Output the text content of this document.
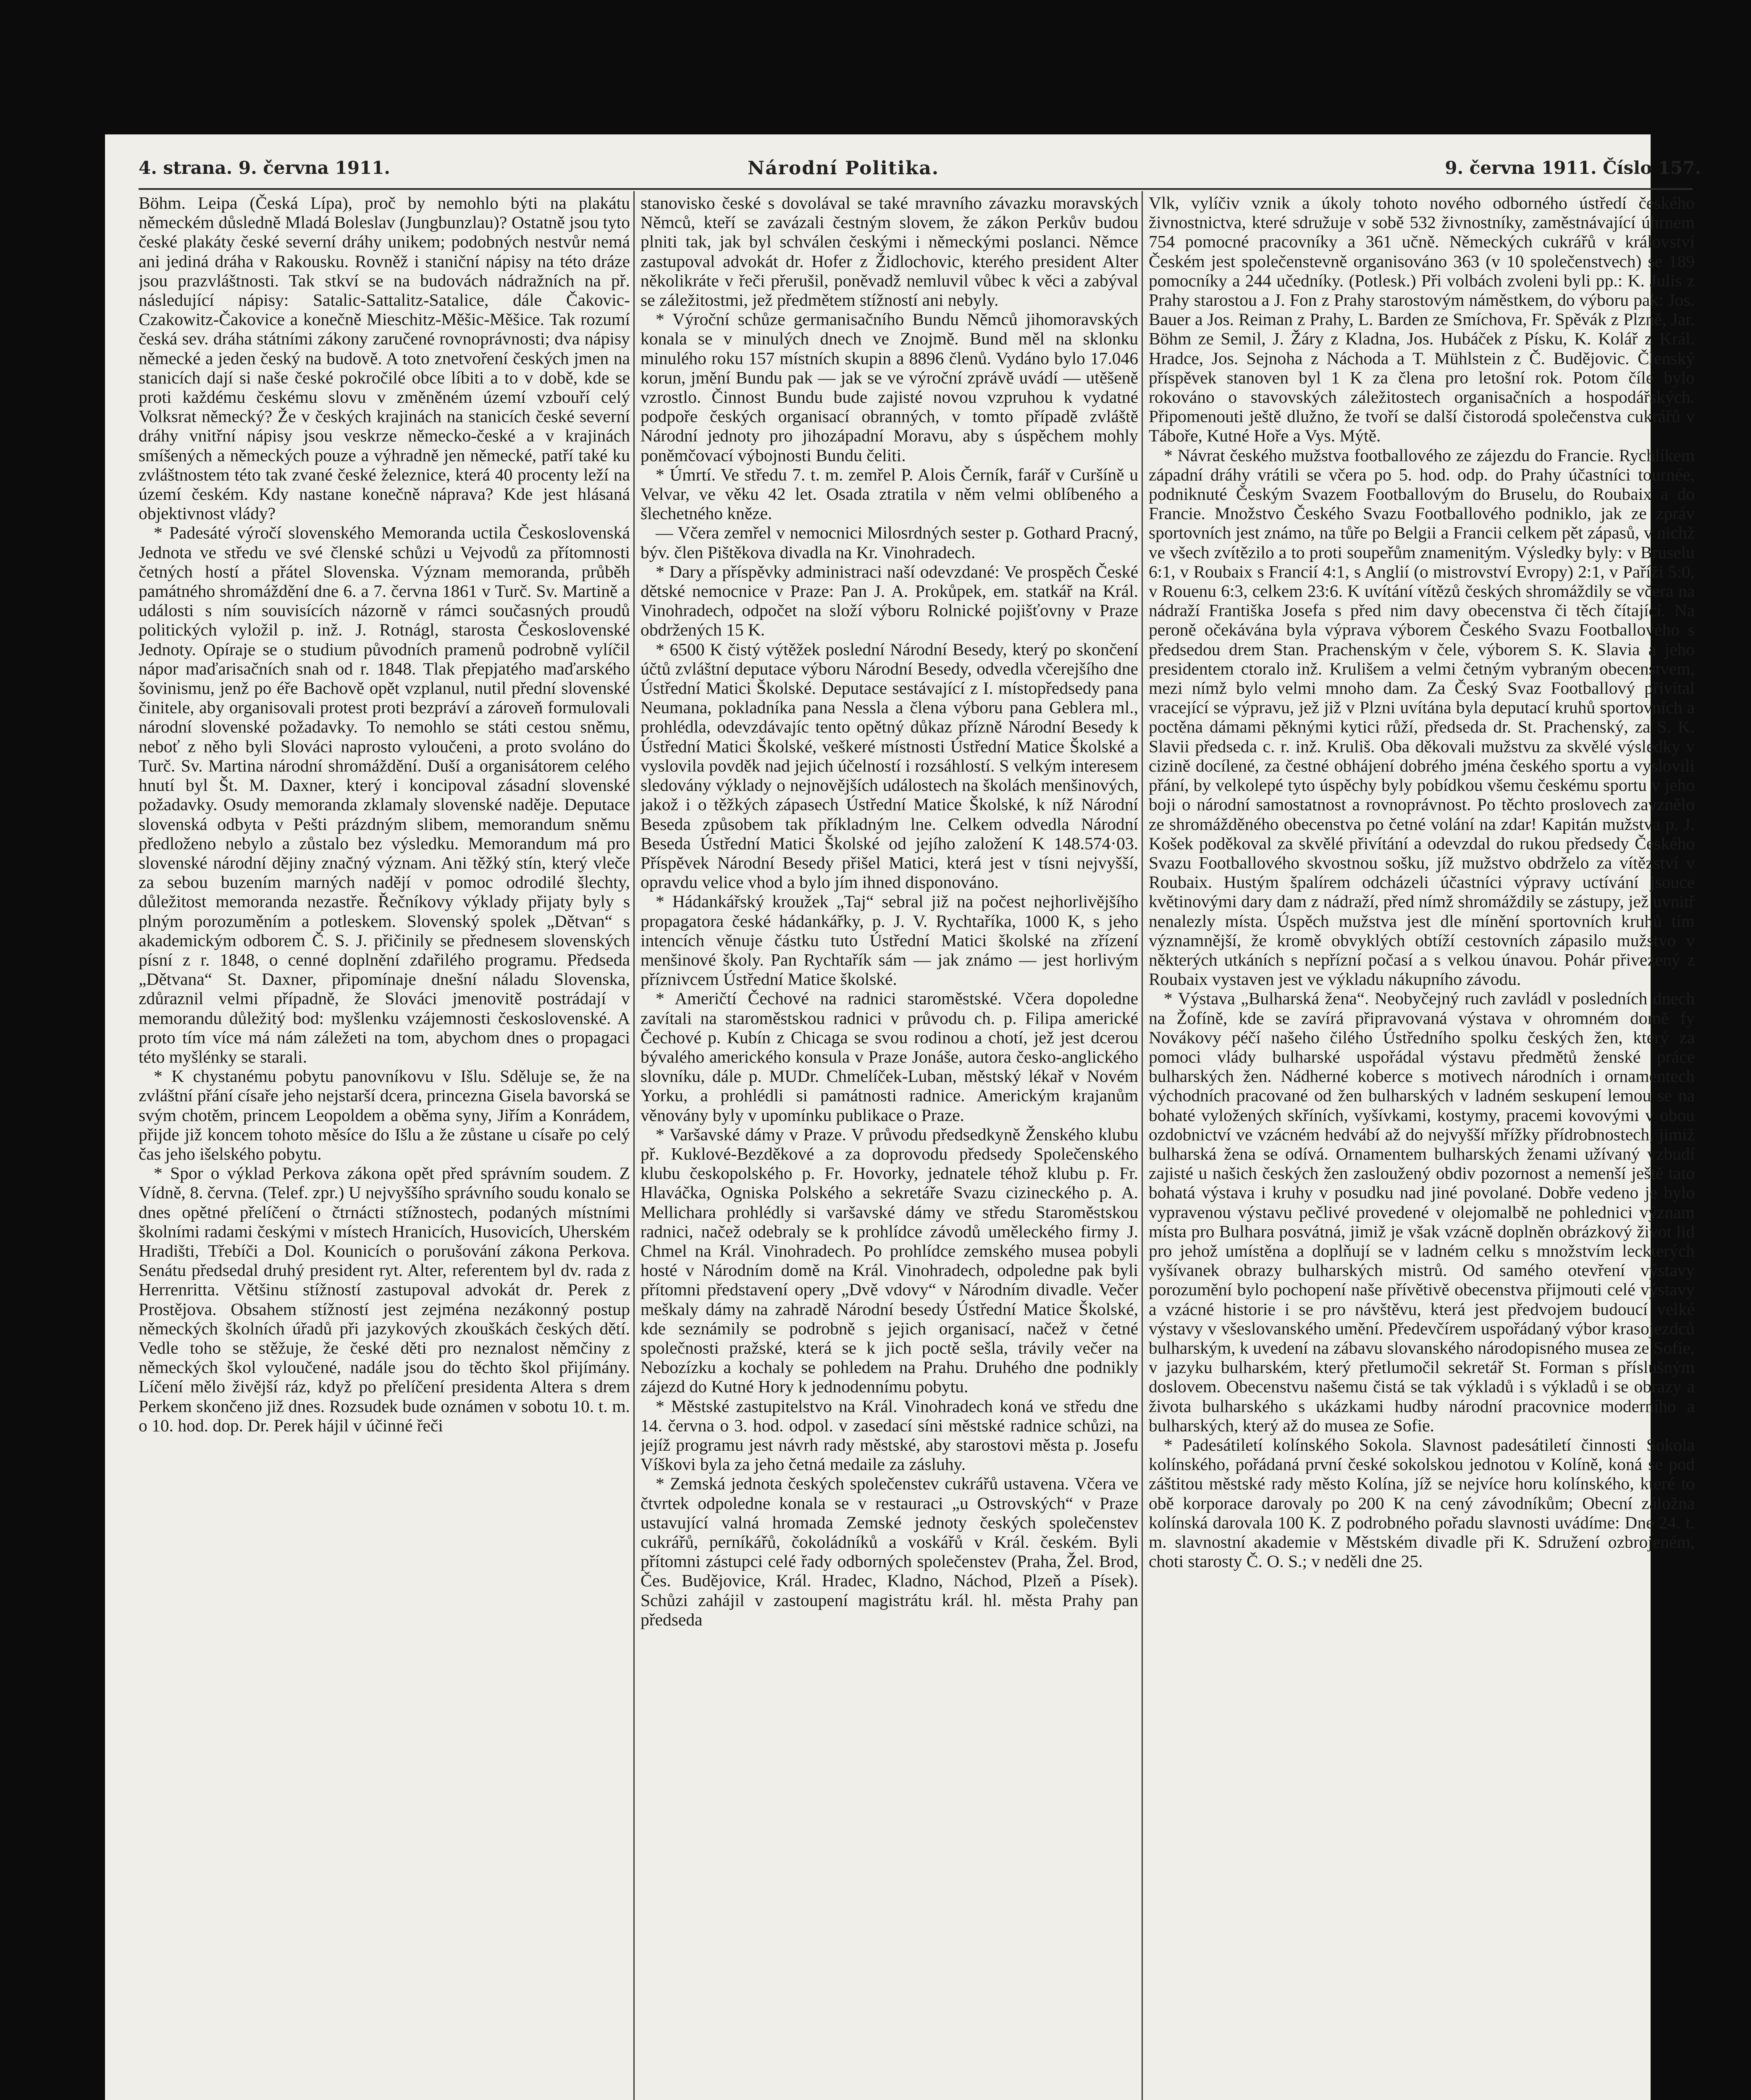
4. strana. 9. června 1911.	Národní Politika.	9. června 1911. Číslo 157.

Böhm. Leipa (Česká Lípa), proč by nemohlo býti na plakátu německém důsledně Mladá Boleslav (Jungbunzlau)? Ostatně jsou tyto české plakáty české severní dráhy unikem; podobných nestvůr nemá ani jediná dráha v Rakousku. Rovněž i staniční nápisy na této dráze jsou prazvláštnosti. Tak stkví se na budovách nádražních na př. následující nápisy: Satalic-Sattalitz-Satalice, dále Čakovic-Czakowitz-Čakovice a konečně Mieschitz-Měšic-Měšice. Tak rozumí česká sev. dráha státními zákony zaručené rovnoprávnosti; dva nápisy německé a jeden český na budově. A toto znetvoření českých jmen na stanicích dají si naše české pokročilé obce líbiti a to v době, kde se proti každému českému slovu v změněném území vzbouří celý Volksrat německý? Že v českých krajinách na stanicích české severní dráhy vnitřní nápisy jsou veskrze německo-české a v krajinách smíšených a německých pouze a výhradně jen německé, patří také ku zvláštnostem této tak zvané české železnice, která 40 procenty leží na území českém. Kdy nastane konečně náprava? Kde jest hlásaná objektivnost vlády?

* Padesáté výročí slovenského Memoranda uctila Československá Jednota ve středu ve své členské schůzi u Vejvodů za přítomnosti četných hostí a přátel Slovenska. Význam memoranda, průběh památného shromáždění dne 6. a 7. června 1861 v Turč. Sv. Martině a události s ním souvisících názorně v rámci současných proudů politických vyložil p. inž. J. Rotnágl, starosta Československé Jednoty. Opíraje se o studium původních pramenů podrobně vylíčil nápor maďarisačních snah od r. 1848. Tlak přepjatého maďarského šovinismu, jenž po éře Bachově opět vzplanul, nutil přední slovenské činitele, aby organisovali protest proti bezpráví a zároveň formulovali národní slovenské požadavky. To nemohlo se státi cestou sněmu, neboť z něho byli Slováci naprosto vyloučeni, a proto svoláno do Turč. Sv. Martina národní shromáždění. Duší a organisátorem celého hnutí byl Št. M. Daxner, který i koncipoval zásadní slovenské požadavky. Osudy memoranda zklamaly slovenské naděje. Deputace slovenská odbyta v Pešti prázdným slibem, memorandum sněmu předloženo nebylo a zůstalo bez výsledku. Memorandum má pro slovenské národní dějiny značný význam. Ani těžký stín, který vleče za sebou buzením marných nadějí v pomoc odrodilé šlechty, důležitost memoranda nezastře. Řečníkovy výklady přijaty byly s plným porozuměním a potleskem. Slovenský spolek „Dětvan“ s akademickým odborem Č. S. J. přičinily se přednesem slovenských písní z r. 1848, o cenné doplnění zdařilého programu. Předseda „Dětvana“ St. Daxner, připomínaje dnešní náladu Slovenska, zdůraznil velmi případně, že Slováci jmenovitě postrádají v memorandu důležitý bod: myšlenku vzájemnosti československé. A proto tím více má nám záležeti na tom, abychom dnes o propagaci této myšlénky se starali.

* K chystanému pobytu panovníkovu v Išlu. Sděluje se, že na zvláštní přání císaře jeho nejstarší dcera, princezna Gisela bavorská se svým chotěm, princem Leopoldem a oběma syny, Jiřím a Konrádem, přijde již koncem tohoto měsíce do Išlu a že zůstane u císaře po celý čas jeho išelského pobytu.

* Spor o výklad Perkova zákona opět před správním soudem. Z Vídně, 8. června. (Telef. zpr.) U nejvyššího správního soudu konalo se dnes opětné přelíčení o čtrnácti stížnostech, podaných místními školními radami českými v místech Hranicích, Husovicích, Uherském Hradišti, Třebíči a Dol. Kounicích o porušování zákona Perkova. Senátu předsedal druhý president ryt. Alter, referentem byl dv. rada z Herrenritta. Většinu stížností zastupoval advokát dr. Perek z Prostějova. Obsahem stížností jest zejména nezákonný postup německých školních úřadů při jazykových zkouškách českých dětí. Vedle toho se stěžuje, že české děti pro neznalost němčiny z německých škol vyloučené, nadále jsou do těchto škol přijímány. Líčení mělo živější ráz, když po přelíčení presidenta Altera s drem Perkem skončeno již dnes. Rozsudek bude oznámen v sobotu 10. t. m. o 10. hod. dop. Dr. Perek hájil v účinné řeči

stanovisko české s dovolával se také mravního závazku moravských Němců, kteří se zavázali čestným slovem, že zákon Perkův budou plniti tak, jak byl schválen českými i německými poslanci. Němce zastupoval advokát dr. Hofer z Židlochovic, kterého president Alter několikráte v řeči přerušil, poněvadž nemluvil vůbec k věci a zabýval se záležitostmi, jež předmětem stížností ani nebyly.

* Výroční schůze germanisačního Bundu Němců jihomoravských konala se v minulých dnech ve Znojmě. Bund měl na sklonku minulého roku 157 místních skupin a 8896 členů. Vydáno bylo 17.046 korun, jmění Bundu pak — jak se ve výroční zprávě uvádí — utěšeně vzrostlo. Činnost Bundu bude zajisté novou vzpruhou k vydatné podpoře českých organisací obranných, v tomto případě zvláště Národní jednoty pro jihozápadní Moravu, aby s úspěchem mohly poněmčovací výbojnosti Bundu čeliti.

* Úmrtí. Ve středu 7. t. m. zemřel P. Alois Černík, farář v Curšíně u Velvar, ve věku 42 let. Osada ztratila v něm velmi oblíbeného a šlechetného kněze.

— Včera zemřel v nemocnici Milosrdných sester p. Gothard Pracný, býv. člen Pištěkova divadla na Kr. Vinohradech.

* Dary a příspěvky administraci naší odevzdané: Ve prospěch České dětské nemocnice v Praze: Pan J. A. Prokůpek, em. statkář na Král. Vinohradech, odpočet na složí výboru Rolnické pojišťovny v Praze obdržených 15 K.

* 6500 K čistý výtěžek poslední Národní Besedy, který po skončení účtů zvláštní deputace výboru Národní Besedy, odvedla včerejšího dne Ústřední Matici Školské. Deputace sestávající z I. místopředsedy pana Neumana, pokladníka pana Nessla a člena výboru pana Geblera ml., prohlédla, odevzdávajíc tento opětný důkaz přízně Národní Besedy k Ústřední Matici Školské, veškeré místnosti Ústřední Matice Školské a vyslovila povděk nad jejich účelností i rozsáhlostí. S velkým interesem sledovány výklady o nejnovějších událostech na školách menšinových, jakož i o těžkých zápasech Ústřední Matice Školské, k níž Národní Beseda způsobem tak příkladným lne. Celkem odvedla Národní Beseda Ústřední Matici Školské od jejího založení K 148.574·03. Příspěvek Národní Besedy přišel Matici, která jest v tísni nejvyšší, opravdu velice vhod a bylo jím ihned disponováno.

* Hádankářský kroužek „Taj“ sebral již na počest nejhorlivějšího propagatora české hádankářky, p. J. V. Rychtaříka, 1000 K, s jeho intencích věnuje částku tuto Ústřední Matici školské na zřízení menšinové školy. Pan Rychtařík sám — jak známo — jest horlivým příznivcem Ústřední Matice školské.

* Američtí Čechové na radnici staroměstské. Včera dopoledne zavítali na staroměstskou radnici v průvodu ch. p. Filipa americké Čechové p. Kubín z Chicaga se svou rodinou a chotí, jež jest dcerou bývalého amerického konsula v Praze Jonáše, autora česko-anglického slovníku, dále p. MUDr. Chmelíček-Luban, městský lékař v Novém Yorku, a prohlédli si památnosti radnice. Americkým krajanům věnovány byly v upomínku publikace o Praze.

* Varšavské dámy v Praze. V průvodu předsedkyně Ženského klubu př. Kuklové-Bezděkové a za doprovodu předsedy Společenského klubu českopolského p. Fr. Hovorky, jednatele téhož klubu p. Fr. Hlaváčka, Ogniska Polského a sekretáře Svazu cizineckého p. A. Mellichara prohlédly si varšavské dámy ve středu Staroměstskou radnici, načež odebraly se k prohlídce závodů uměleckého firmy J. Chmel na Král. Vinohradech. Po prohlídce zemského musea pobyli hosté v Národním domě na Král. Vinohradech, odpoledne pak byli přítomni představení opery „Dvě vdovy“ v Národním divadle. Večer meškaly dámy na zahradě Národní besedy Ústřední Matice Školské, kde seznámily se podrobně s jejich organisací, načež v četné společnosti pražské, která se k jich poctě sešla, trávily večer na Nebozízku a kochaly se pohledem na Prahu. Druhého dne podnikly zájezd do Kutné Hory k jednodennímu pobytu.

* Městské zastupitelstvo na Král. Vinohradech koná ve středu dne 14. června o 3. hod. odpol. v zasedací síni městské radnice schůzi, na jejíž programu jest návrh rady městské, aby starostovi města p. Josefu Víškovi byla za jeho četná medaile za zásluhy.

* Zemská jednota českých společenstev cukrářů ustavena. Včera ve čtvrtek odpoledne konala se v restauraci „u Ostrovských“ v Praze ustavující valná hromada Zemské jednoty českých společenstev cukrářů, perníkářů, čokoládníků a voskářů v Král. českém. Byli přítomni zástupci celé řady odborných společenstev (Praha, Žel. Brod, Čes. Budějovice, Král. Hradec, Kladno, Náchod, Plzeň a Písek). Schůzi zahájil v zastoupení magistrátu král. hl. města Prahy pan předseda

Vlk, vylíčiv vznik a úkoly tohoto nového odborného ústředí českého živnostnictva, které sdružuje v sobě 532 živnostníky, zaměstnávající úhrnem 754 pomocné pracovníky a 361 učně. Německých cukrářů v království Českém jest společenstevně organisováno 363 (v 10 společenstvech) se 189 pomocníky a 244 učedníky. (Potlesk.) Při volbách zvoleni byli pp.: K. Julis z Prahy starostou a J. Fon z Prahy starostovým náměstkem, do výboru pak: Jos. Bauer a Jos. Reiman z Prahy, L. Barden ze Smíchova, Fr. Spěvák z Plzně, Jar. Böhm ze Semil, J. Žáry z Kladna, Jos. Hubáček z Písku, K. Kolář z Král. Hradce, Jos. Sejnoha z Náchoda a T. Mühlstein z Č. Budějovic. Členský příspěvek stanoven byl 1 K za člena pro letošní rok. Potom číle bylo rokováno o stavovských záležitostech organisačních a hospodářských. Připomenouti ještě dlužno, že tvoří se další čistorodá společenstva cukrářů v Táboře, Kutné Hoře a Vys. Mýtě.

* Návrat českého mužstva footballového ze zájezdu do Francie. Rychlíkem západní dráhy vrátili se včera po 5. hod. odp. do Prahy účastníci tournée, podniknuté Českým Svazem Footballovým do Bruselu, do Roubaix a do Francie. Množstvo Českého Svazu Footballového podniklo, jak ze zpráv sportovních jest známo, na tůře po Belgii a Francii celkem pět zápasů, v nichž ve všech zvítězilo a to proti soupeřům znamenitým. Výsledky byly: v Bruselu 6:1, v Roubaix s Francií 4:1, s Anglií (o mistrovství Evropy) 2:1, v Paříži 5:0, v Rouenu 6:3, celkem 23:6. K uvítání vítězů českých shromáždily se včera na nádraží Františka Josefa s před nim davy obecenstva či těch čítající. Na peroně očekávána byla výprava výborem Českého Svazu Footballového s předsedou drem Stan. Prachenským v čele, výborem S. K. Slavia a jeho presidentem ctoralo inž. Krulišem a velmi četným vybraným obecenstvem, mezi nímž bylo velmi mnoho dam. Za Český Svaz Footballový přivítal vracející se výpravu, jež již v Plzni uvítána byla deputací kruhů sportovních a poctěna dámami pěknými kytici růží, předseda dr. St. Prachenský, za S. K. Slavii předseda c. r. inž. Kruliš. Oba děkovali mužstvu za skvělé výsledky v cizině docílené, za čestné obhájení dobrého jména českého sportu a vyslovili přání, by velkolepé tyto úspěchy byly pobídkou všemu českému sportu v jeho boji o národní samostatnost a rovnoprávnost. Po těchto proslovech zavznělo ze shromážděného obecenstva po četné volání na zdar! Kapitán mužstva p. J. Košek poděkoval za skvělé přivítání a odevzdal do rukou předsedy Českého Svazu Footballového skvostnou sošku, jíž mužstvo obdrželo za vítězství v Roubaix. Hustým špalírem odcházeli účastníci výpravy uctívání jsouce květinovými dary dam z nádraží, před nímž shromáždily se zástupy, jež uvnitř nenalezly místa. Úspěch mužstva jest dle mínění sportovních kruhů tím významnější, že kromě obvyklých obtíží cestovních zápasilo mužstvo v některých utkáních s nepřízní počasí a s velkou únavou. Pohár přivezený z Roubaix vystaven jest ve výkladu nákupního závodu.

* Výstava „Bulharská žena“. Neobyčejný ruch zavládl v posledních dnech na Žofíně, kde se zavírá připravovaná výstava v ohromném domě fy Novákovy péčí našeho čilého Ústředního spolku českých žen, který za pomoci vlády bulharské uspořádal výstavu předmětů ženské práce bulharských žen. Nádherné koberce s motivech národních i ornamentech východních pracované od žen bulharských v ladném seskupení lemou se na bohaté vyložených skříních, vyšívkami, kostymy, pracemi kovovými v obou ozdobnictví ve vzácném hedvábí až do nejvyšší mřížky přídrobnostech, jimiž bulharská žena se odívá. Ornamentem bulharských ženami užívaný vzbudí zajisté u našich českých žen zasloužený obdiv pozornost a nemenší ještě tato bohatá výstava i kruhy v posudku nad jiné povolané. Dobře vedeno je bylo vypravenou výstavu pečlivé provedené v olejomalbě ne pohlednici význam místa pro Bulhara posvátná, jimiž je však vzácně doplněn obrázkový život lid pro jehož umístěna a doplňují se v ladném celku s množstvím leckterých vyšívanek obrazy bulharských mistrů. Od samého otevření výstavy porozumění bylo pochopení naše přívětivě obecenstva přijmouti celé výstavy a vzácné historie i se pro návštěvu, která jest předvojem budoucí velké výstavy v všeslovanského umění. Předevčírem uspořádaný výbor krasojezdců bulharským, k uvedení na zábavu slovanského národopisného musea ze Sofie, v jazyku bulharském, který přetlumočil sekretář St. Forman s příslušným doslovem. Obecenstvu našemu čistá se tak výkladů i s výkladů i se obrazy a života bulharského s ukázkami hudby národní pracovnice moderního a bulharských, který až do musea ze Sofie.

* Padesátiletí kolínského Sokola. Slavnost padesátiletí činnosti Sokola kolínského, pořádaná první české sokolskou jednotou v Kolíně, koná se pod záštitou městské rady město Kolína, jíž se nejvíce horu kolínského, které to obě korporace darovaly po 200 K na cený závodníkům; Obecní záložna kolínská darovala 100 K. Z podrobného pořadu slavnosti uvádíme: Dne 24. t. m. slavnostní akademie v Městském divadle při K. Sdružení ozbrojeném, choti starosty Č. O. S.; v neděli dne 25.
